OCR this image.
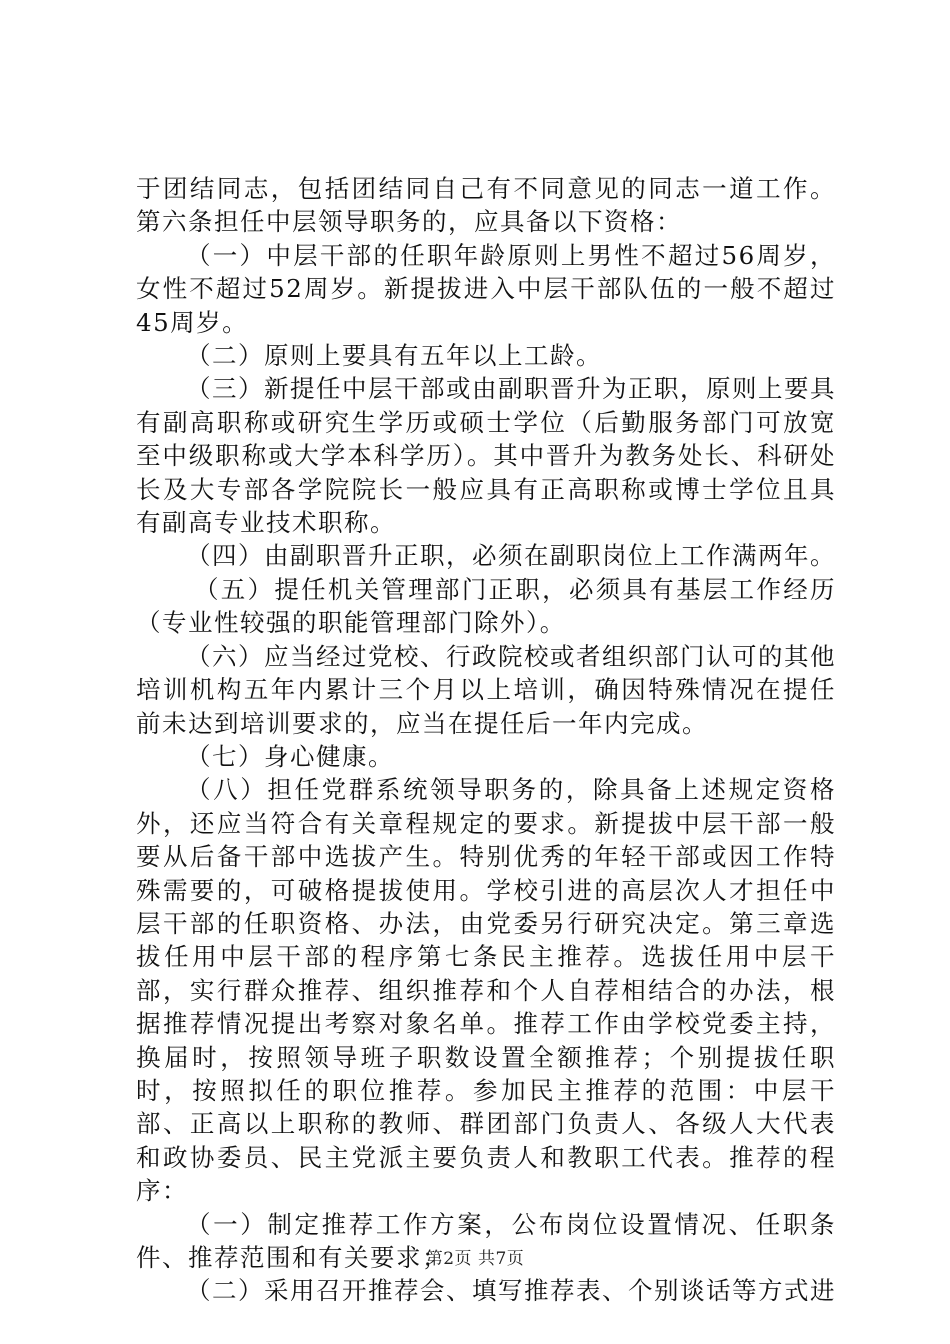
于团结同志，包括团结同自己有不同意见的同志一道工作。第六条担任中层领导职务的，应具备以下资格：

（一）中层干部的任职年龄原则上男性不超过56周岁，女性不超过52周岁。新提拔进入中层干部队伍的一般不超过45周岁。

（二）原则上要具有五年以上工龄。

（三）新提任中层干部或由副职晋升为正职，原则上要具有副高职称或研究生学历或硕士学位（后勤服务部门可放宽至中级职称或大学本科学历）。其中晋升为教务处长、科研处长及大专部各学院院长一般应具有正高职称或博士学位且具有副高专业技术职称。

（四）由副职晋升正职，必须在副职岗位上工作满两年。

（五）提任机关管理部门正职，必须具有基层工作经历（专业性较强的职能管理部门除外）。

（六）应当经过党校、行政院校或者组织部门认可的其他培训机构五年内累计三个月以上培训，确因特殊情况在提任前未达到培训要求的，应当在提任后一年内完成。

（七）身心健康。

（八）担任党群系统领导职务的，除具备上述规定资格外，还应当符合有关章程规定的要求。新提拔中层干部一般要从后备干部中选拔产生。特别优秀的年轻干部或因工作特殊需要的，可破格提拔使用。学校引进的高层次人才担任中层干部的任职资格、办法，由党委另行研究决定。第三章选拔任用中层干部的程序第七条民主推荐。选拔任用中层干部，实行群众推荐、组织推荐和个人自荐相结合的办法，根据推荐情况提出考察对象名单。推荐工作由学校党委主持，换届时，按照领导班子职数设置全额推荐；个别提拔任职时，按照拟任的职位推荐。参加民主推荐的范围：中层干部、正高以上职称的教师、群团部门负责人、各级人大代表和政协委员、民主党派主要负责人和教职工代表。推荐的程序：

（一）制定推荐工作方案，公布岗位设置情况、任职条件、推荐范围和有关要求；

（二）采用召开推荐会、填写推荐表、个别谈话等方式进

第2页 共7页
